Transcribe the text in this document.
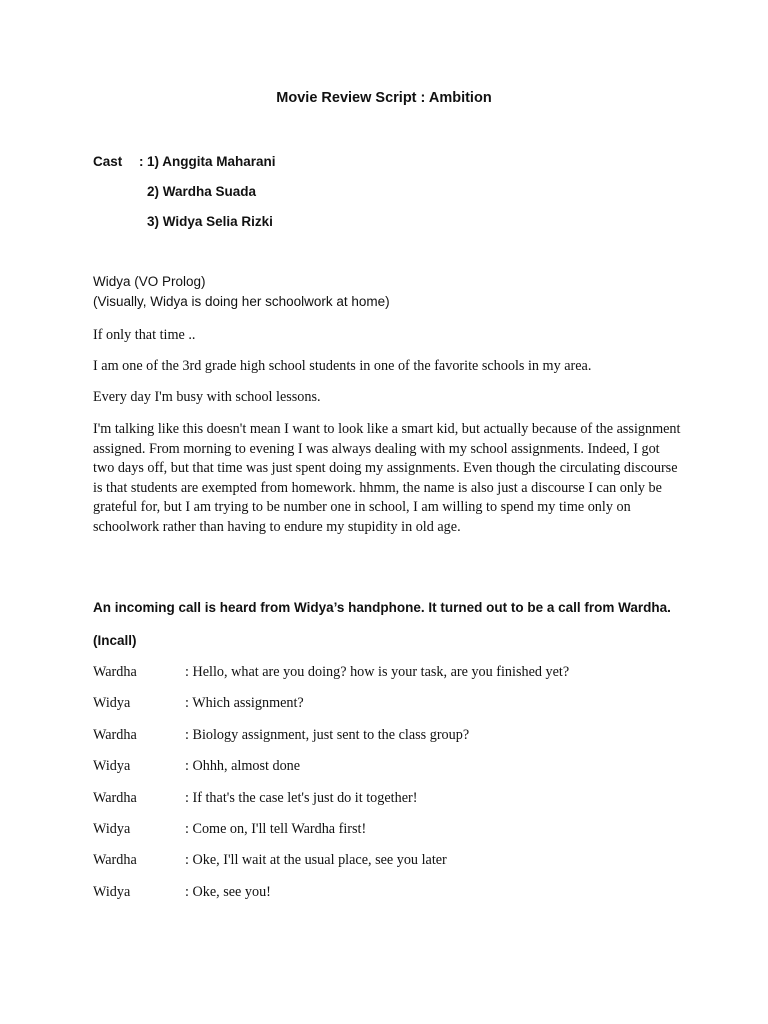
Movie Review Script : Ambition
Cast : 1) Anggita Maharani
2) Wardha Suada
3) Widya Selia Rizki
Widya (VO Prolog)
(Visually, Widya is doing her schoolwork at home)
If only that time ..
I am one of the 3rd grade high school students in one of the favorite schools in my area.
Every day I'm busy with school lessons.
I'm talking like this doesn't mean I want to look like a smart kid, but actually because of the assignment assigned. From morning to evening I was always dealing with my school assignments. Indeed, I got two days off, but that time was just spent doing my assignments. Even though the circulating discourse is that students are exempted from homework. hhmm, the name is also just a discourse I can only be grateful for, but I am trying to be number one in school, I am willing to spend my time only on schoolwork rather than having to endure my stupidity in old age.
An incoming call is heard from Widya’s handphone. It turned out to be a call from Wardha.
(Incall)
Wardha	: Hello, what are you doing? how is your task, are you finished yet?
Widya	: Which assignment?
Wardha	: Biology assignment, just sent to the class group?
Widya	: Ohhh, almost done
Wardha	: If that's the case let's just do it together!
Widya	: Come on, I'll tell Wardha first!
Wardha	: Oke, I'll wait at the usual place, see you later
Widya	: Oke, see you!
